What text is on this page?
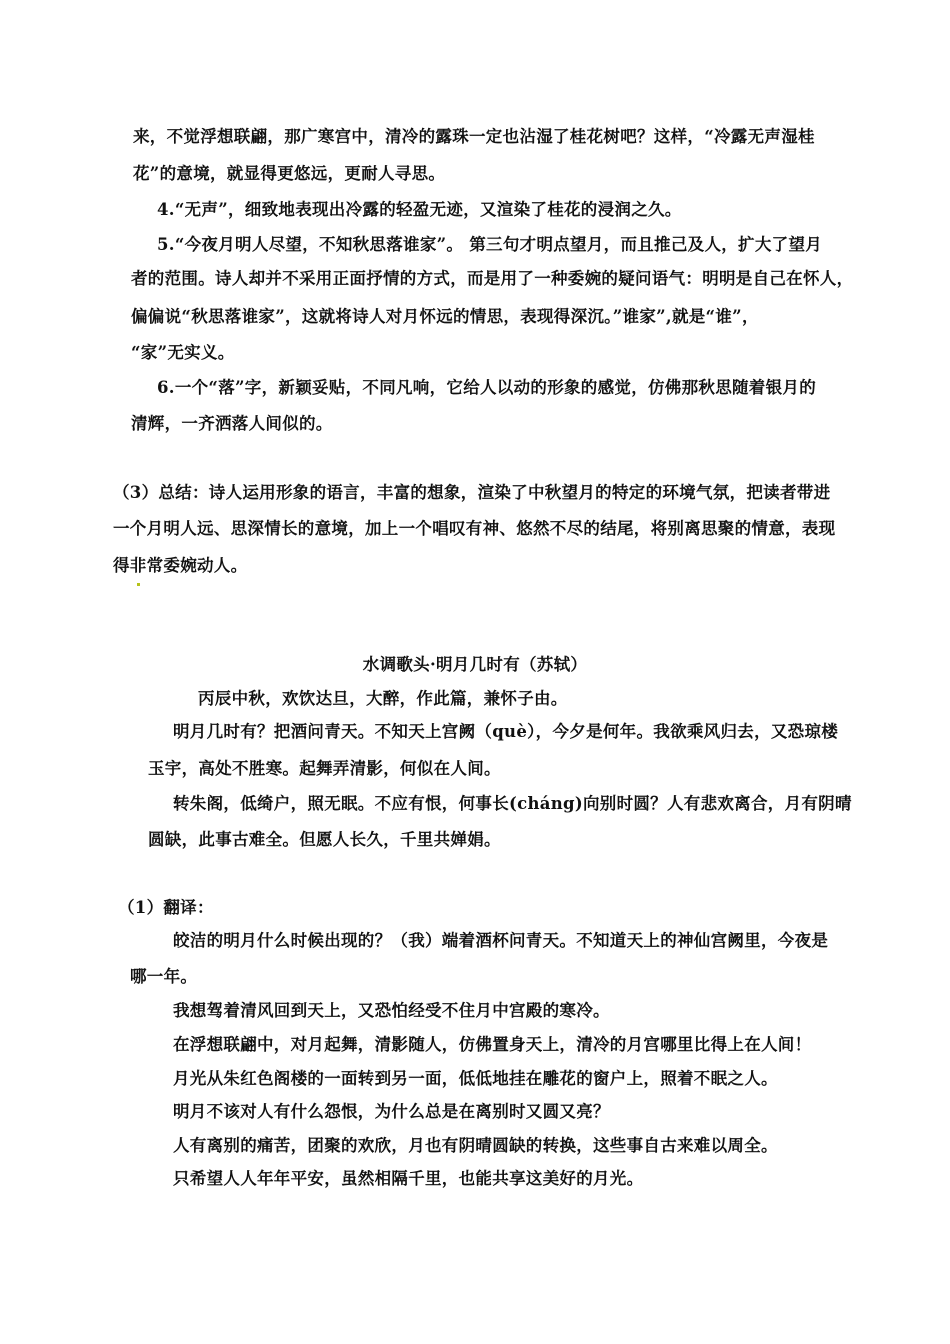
来，不觉浮想联翩，那广寒宫中，清冷的露珠一定也沾湿了桂花树吧？这样，“冷露无声湿桂
花”的意境，就显得更悠远，更耐人寻思。
4.“无声”，细致地表现出冷露的轻盈无迹，又渲染了桂花的浸润之久。
5.“今夜月明人尽望，不知秋思落谁家”。 第三句才明点望月，而且推己及人，扩大了望月
者的范围。诗人却并不采用正面抒情的方式，而是用了一种委婉的疑问语气：明明是自己在怀人，
偏偏说“秋思落谁家”，这就将诗人对月怀远的情思，表现得深沉。”谁家”,就是“谁”，
“家”无实义。
6.一个“落”字，新颖妥贴，不同凡响，它给人以动的形象的感觉，仿佛那秋思随着银月的
清辉，一齐洒落人间似的。
（3）总结：诗人运用形象的语言，丰富的想象，渲染了中秋望月的特定的环境气氛，把读者带进
一个月明人远、思深情长的意境，加上一个唱叹有神、悠然不尽的结尾，将别离思聚的情意，表现
得非常委婉动人。
水调歌头·明月几时有（苏轼）
丙辰中秋，欢饮达旦，大醉，作此篇，兼怀子由。
明月几时有？把酒问青天。不知天上宫阙（què），今夕是何年。我欲乘风归去，又恐琼楼
玉宇，高处不胜寒。起舞弄清影，何似在人间。
转朱阁，低绮户，照无眠。不应有恨，何事长(cháng)向别时圆？人有悲欢离合，月有阴晴
圆缺，此事古难全。但愿人长久，千里共婵娟。
（1）翻译：
皎洁的明月什么时候出现的？（我）端着酒杯问青天。不知道天上的神仙宫阙里，今夜是
哪一年。
我想驾着清风回到天上，又恐怕经受不住月中宫殿的寒冷。
在浮想联翩中，对月起舞，清影随人，仿佛置身天上，清冷的月宫哪里比得上在人间！
月光从朱红色阁楼的一面转到另一面，低低地挂在雕花的窗户上，照着不眠之人。
明月不该对人有什么怨恨，为什么总是在离别时又圆又亮？
人有离别的痛苦，团聚的欢欣，月也有阴晴圆缺的转换，这些事自古来难以周全。
只希望人人年年平安，虽然相隔千里，也能共享这美好的月光。
